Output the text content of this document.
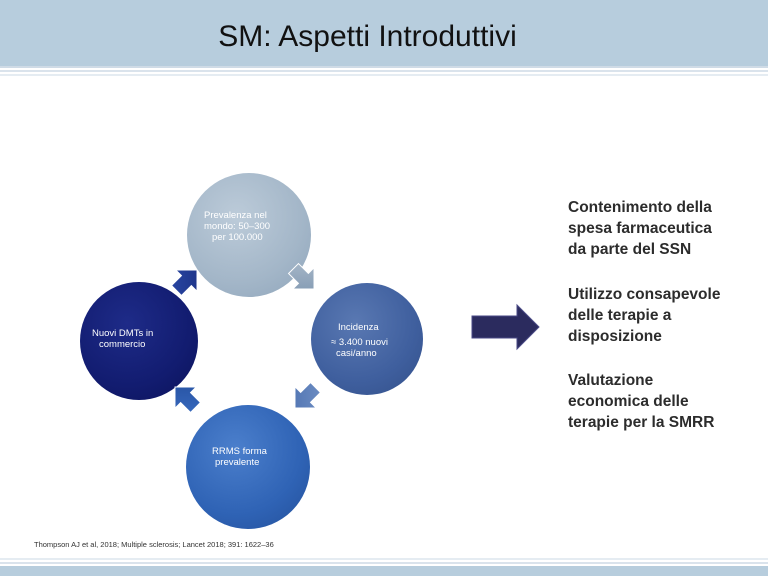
SM: Aspetti Introduttivi
Prevalenza nel
mondo: 50–300
per 100.000
Incidenza
≈ 3.400 nuovi
casi/anno
RRMS forma
prevalente
Nuovi DMTs in
commercio
Contenimento della
spesa farmaceutica
da parte del SSN
Utilizzo consapevole
delle terapie a
disposizione
Valutazione
economica delle
terapie per la SMRR
Thompson AJ et al, 2018; Multiple sclerosis; Lancet 2018; 391: 1622–36
